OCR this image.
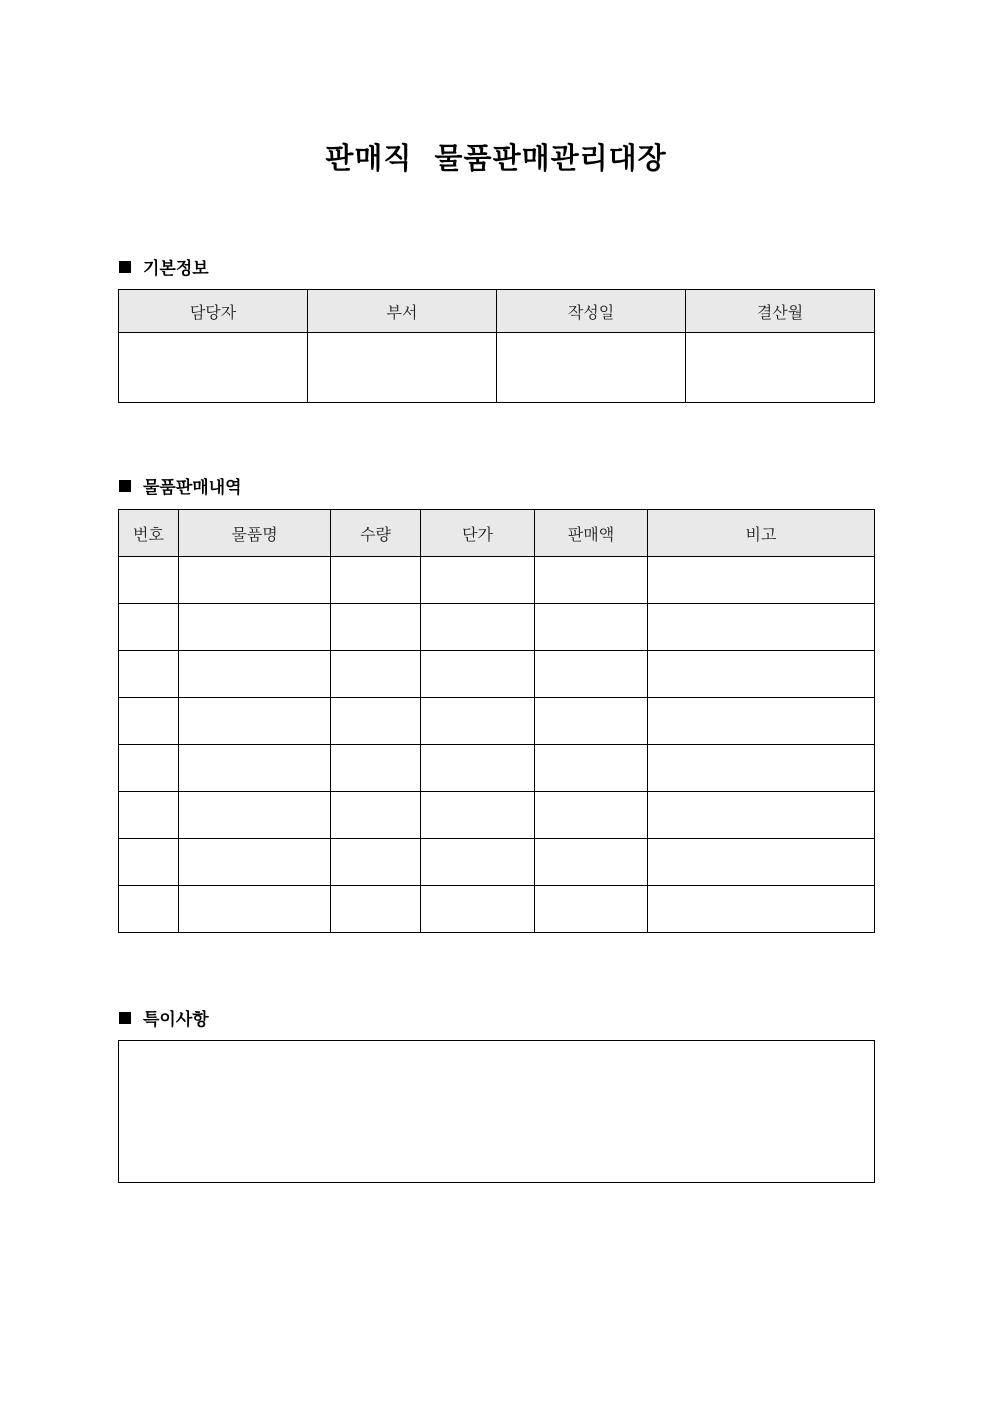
판매직  물품판매관리대장
기본정보
담당자	부서	작성일	결산월

물품판매내역
번호	물품명	수량	단가	판매액	비고

특이사항
